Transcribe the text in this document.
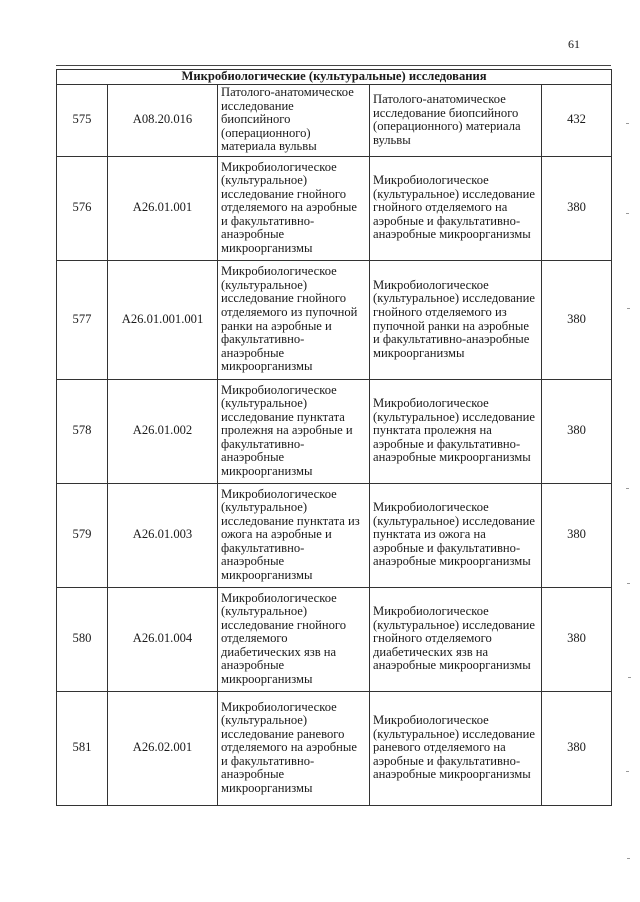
61
Микробиологические (культуральные) исследования				
575	A08.20.016	Патолого-анатомическое исследование биопсийного (операционного) материала вульвы	Патолого-анатомическое исследование биопсийного (операционного) материала вульвы	432
576	A26.01.001	Микробиологическое (культуральное) исследование гнойного отделяемого на аэробные и факультативно-анаэробные микроорганизмы	Микробиологическое (культуральное) исследование гнойного отделяемого на аэробные и факультативно-анаэробные микроорганизмы	380
577	A26.01.001.001	Микробиологическое (культуральное) исследование гнойного отделяемого из пупочной ранки на аэробные и факультативно-анаэробные микроорганизмы	Микробиологическое (культуральное) исследование гнойного отделяемого из пупочной ранки на аэробные и факультативно-анаэробные микроорганизмы	380
578	A26.01.002	Микробиологическое (культуральное) исследование пунктата пролежня на аэробные и факультативно-анаэробные микроорганизмы	Микробиологическое (культуральное) исследование пунктата пролежня на аэробные и факультативно-анаэробные микроорганизмы	380
579	A26.01.003	Микробиологическое (культуральное) исследование пунктата из ожога на аэробные и факультативно-анаэробные микроорганизмы	Микробиологическое (культуральное) исследование пунктата из ожога на аэробные и факультативно-анаэробные микроорганизмы	380
580	A26.01.004	Микробиологическое (культуральное) исследование гнойного отделяемого диабетических язв на анаэробные микроорганизмы	Микробиологическое (культуральное) исследование гнойного отделяемого диабетических язв на анаэробные микроорганизмы	380
581	A26.02.001	Микробиологическое (культуральное) исследование раневого отделяемого на аэробные и факультативно-анаэробные микроорганизмы	Микробиологическое (культуральное) исследование раневого отделяемого на аэробные и факультативно-анаэробные микроорганизмы	380
